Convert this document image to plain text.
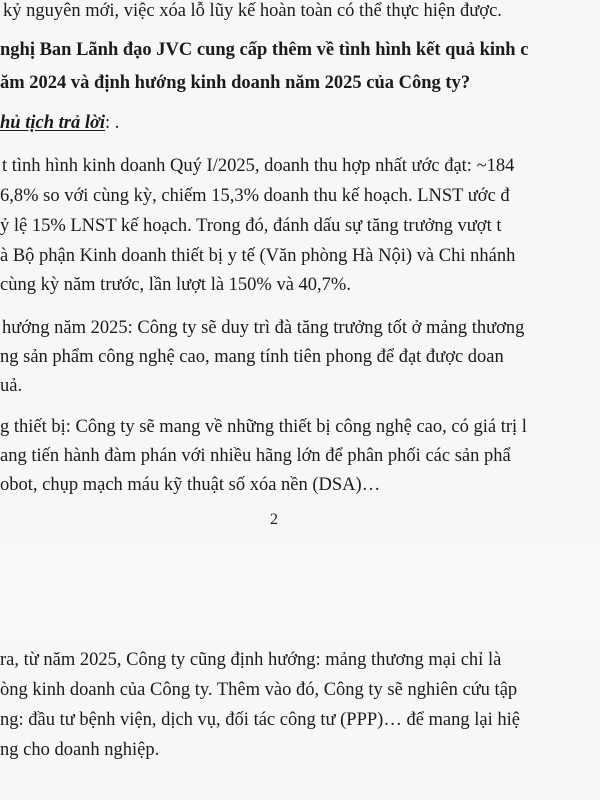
kỷ nguyên mới, việc xóa lỗ lũy kế hoàn toàn có thể thực hiện được.
nghị Ban Lãnh đạo JVC cung cấp thêm về tình hình kết quả kinh c
ăm 2024 và định hướng kinh doanh năm 2025 của Công ty?
hủ tịch trả lời: .
t tình hình kinh doanh Quý I/2025, doanh thu hợp nhất ước đạt: ~184
6,8% so với cùng kỳ, chiếm 15,3% doanh thu kế hoạch. LNST ước đ
ỷ lệ 15% LNST kế hoạch. Trong đó, đánh dấu sự tăng trưởng vượt t
à Bộ phận Kinh doanh thiết bị y tế (Văn phòng Hà Nội) và Chi nhánh
cùng kỳ năm trước, lần lượt là 150% và 40,7%.
hướng năm 2025: Công ty sẽ duy trì đà tăng trưởng tốt ở mảng thương
ng sản phẩm công nghệ cao, mang tính tiên phong để đạt được doan
uả.
g thiết bị: Công ty sẽ mang về những thiết bị công nghệ cao, có giá trị l
ang tiến hành đàm phán với nhiều hãng lớn để phân phối các sản phẩ
obot, chụp mạch máu kỹ thuật số xóa nền (DSA)…
2
ra, từ năm 2025, Công ty cũng định hướng: mảng thương mại chỉ là
òng kinh doanh của Công ty. Thêm vào đó, Công ty sẽ nghiên cứu tập
ng: đầu tư bệnh viện, dịch vụ, đối tác công tư (PPP)… để mang lại hiệ
ng cho doanh nghiệp.
